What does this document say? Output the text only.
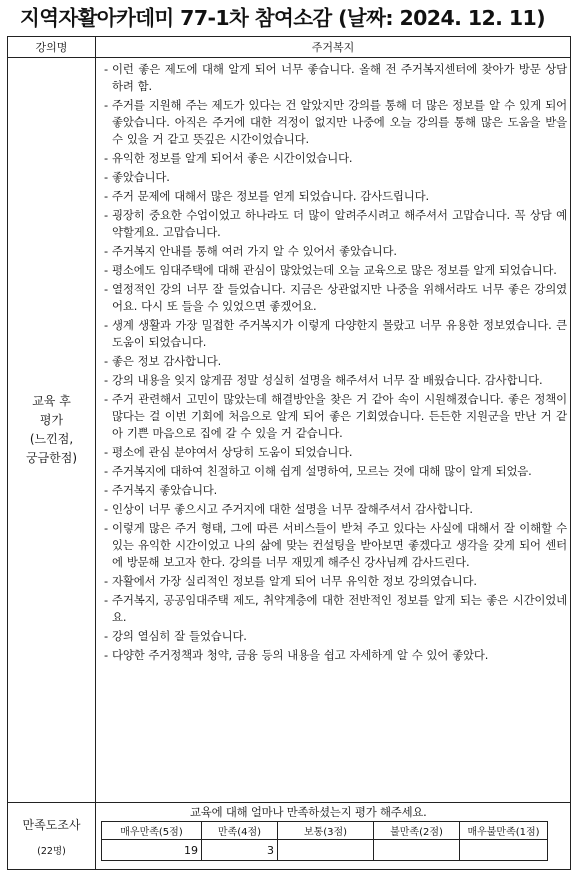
지역자활아카데미 77-1차 참여소감 (날짜: 2024. 12. 11)
강의명	주거복지

교육 후
평가
(느낀점,
궁금한점)

- 이런 좋은 제도에 대해 알게 되어 너무 좋습니다. 올해 전 주거복지센터에 찾아가 방문 상담하려 함.
- 주거를 지원해 주는 제도가 있다는 건 알았지만 강의를 통해 더 많은 정보를 알 수 있게 되어 좋았습니다. 아직은 주거에 대한 걱정이 없지만 나중에 오늘 강의를 통해 많은 도움을 받을 수 있을 거 같고 뜻깊은 시간이었습니다.
- 유익한 정보를 알게 되어서 좋은 시간이었습니다.
- 좋았습니다.
- 주거 문제에 대해서 많은 정보를 얻게 되었습니다. 감사드립니다.
- 굉장히 중요한 수업이었고 하나라도 더 많이 알려주시려고 해주셔서 고맙습니다. 꼭 상담 예약할게요. 고맙습니다.
- 주거복지 안내를 통해 여러 가지 알 수 있어서 좋았습니다.
- 평소에도 임대주택에 대해 관심이 많았었는데 오늘 교육으로 많은 정보를 알게 되었습니다.
- 열정적인 강의 너무 잘 들었습니다. 지금은 상관없지만 나중을 위해서라도 너무 좋은 강의였어요. 다시 또 들을 수 있었으면 좋겠어요.
- 생계 생활과 가장 밀접한 주거복지가 이렇게 다양한지 몰랐고 너무 유용한 정보였습니다. 큰 도움이 되었습니다.
- 좋은 정보 감사합니다.
- 강의 내용을 잊지 않게끔 정말 성실히 설명을 해주셔서 너무 잘 배웠습니다. 감사합니다.
- 주거 관련해서 고민이 많았는데 해결방안을 찾은 거 같아 속이 시원해졌습니다. 좋은 정책이 많다는 걸 이번 기회에 처음으로 알게 되어 좋은 기회였습니다. 든든한 지원군을 만난 거 같아 기쁜 마음으로 집에 갈 수 있을 거 같습니다.
- 평소에 관심 분야여서 상당히 도움이 되었습니다.
- 주거복지에 대하여 친절하고 이해 쉽게 설명하여, 모르는 것에 대해 많이 알게 되었음.
- 주거복지 좋았습니다.
- 인상이 너무 좋으시고 주거지에 대한 설명을 너무 잘해주셔서 감사합니다.
- 이렇게 많은 주거 형태, 그에 따른 서비스들이 받쳐 주고 있다는 사실에 대해서 잘 이해할 수 있는 유익한 시간이었고 나의 삶에 맞는 컨설팅을 받아보면 좋겠다고 생각을 갖게 되어 센터에 방문해 보고자 한다. 강의를 너무 재밌게 해주신 강사님께 감사드린다.
- 자활에서 가장 실리적인 정보를 알게 되어 너무 유익한 정보 강의였습니다.
- 주거복지, 공공임대주택 제도, 취약계층에 대한 전반적인 정보를 알게 되는 좋은 시간이었네요.
- 강의 열심히 잘 들었습니다.
- 다양한 주거정책과 청약, 금융 등의 내용을 쉽고 자세하게 알 수 있어 좋았다.

만족도조사
(22명)

교육에 대해 얼마나 만족하셨는지 평가 해주세요.
매우만족(5점)	만족(4점)	보통(3점)	불만족(2점)	매우불만족(1점)
19	3			
